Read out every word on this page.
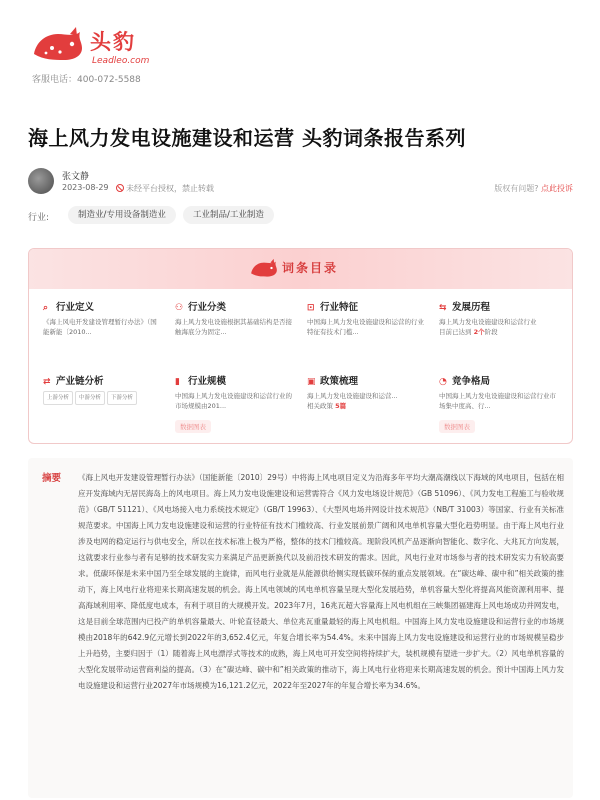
头豹
Leadleo.com
客服电话：400-072-5588
海上风力发电设施建设和运营 头豹词条报告系列
张文静
2023-08-29	未经平台授权，禁止转载	版权有问题? 点此投诉
行业:	制造业/专用设备制造业	工业制品/工业制造
词条目录
⌕ 行业定义
《海上风电开发建设管理暂行办法》（国能新能〔2010...
⚇ 行业分类
海上风力发电设施根据其基础结构是否接触海底分为固定...
⊡ 行业特征
中国海上风力发电设施建设和运营的行业特征有技术门槛...
⇆ 发展历程
海上风力发电设施建设和运营行业
目前已达到 2个阶段
⇄ 产业链分析
上游分析 中游分析 下游分析
▮ 行业规模
中国海上风力发电设施建设和运营行业的市场规模由201...
数据图表
▣ 政策梳理
海上风力发电设施建设和运营...
相关政策 5篇
◔ 竞争格局
中国海上风力发电设施建设和运营行业市场集中度高、行...
数据图表
摘要 《海上风电开发建设管理暂行办法》（国能新能〔2010〕29号）中将海上风电项目定义为沿海多年平均大潮高潮线以下海域的风电项目，包括在相应开发海域内无居民海岛上的风电项目。海上风力发电设施建设和运营需符合《风力发电场设计规范》（GB 51096）、《风力发电工程施工与验收规范》（GB/T 51121）、《风电场接入电力系统技术规定》（GB/T 19963）、《大型风电场并网设计技术规范》（NB/T 31003）等国家、行业有关标准规范要求。中国海上风力发电设施建设和运营的行业特征有技术门槛较高、行业发展前景广阔和风电单机容量大型化趋势明显。由于海上风电行业涉及电网的稳定运行与供电安全，所以在技术标准上极为严格，整体的技术门槛较高。现阶段风机产品逐渐向智能化、数字化、大兆瓦方向发展，这就要求行业参与者有足够的技术研发实力来满足产品更新换代以及前沿技术研发的需求。因此，风电行业对市场参与者的技术研发实力有较高要求。低碳环保是未来中国乃至全球发展的主旋律，而风电行业就是从能源供给侧实现低碳环保的重点发展领域。在“碳达峰、碳中和”相关政策的推动下，海上风电行业将迎来长期高速发展的机会。海上风电领域的风电单机容量呈现大型化发展趋势，单机容量大型化将提高风能资源利用率、提高海域利用率、降低度电成本，有利于项目的大规模开发。2023年7月，16兆瓦超大容量海上风电机组在三峡集团福建海上风电场成功并网发电，这是目前全球范围内已投产的单机容量最大、叶轮直径最大、单位兆瓦重量最轻的海上风电机组。中国海上风力发电设施建设和运营行业的市场规模由2018年的642.9亿元增长到2022年的3,652.4亿元，年复合增长率为54.4%。未来中国海上风力发电设施建设和运营行业的市场规模呈稳步上升趋势，主要归因于（1）随着海上风电漂浮式等技术的成熟，海上风电可开发空间将持续扩大，装机规模有望进一步扩大。（2）风电单机容量的大型化发展带动运营商利益的提高。（3）在“碳达峰、碳中和”相关政策的推动下，海上风电行业将迎来长期高速发展的机会。预计中国海上风力发电设施建设和运营行业2027年市场规模为16,121.2亿元，2022年至2027年的年复合增长率为34.6%。
